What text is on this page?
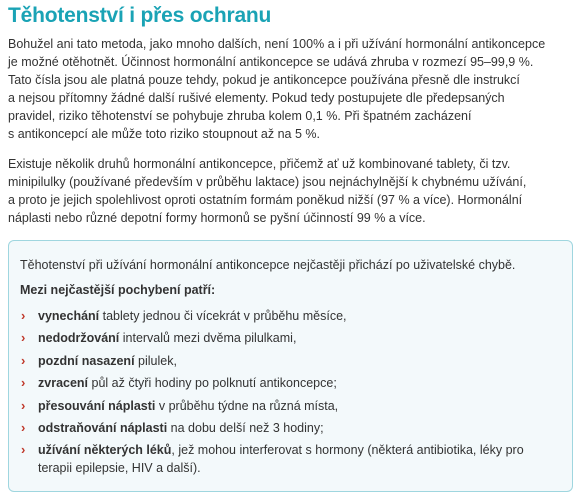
Těhotenství i přes ochranu

Bohužel ani tato metoda, jako mnoho dalších, není 100% a i při užívání hormonální antikoncepce
je možné otěhotnět. Účinnost hormonální antikoncepce se udává zhruba v rozmezí 95–99,9 %.
Tato čísla jsou ale platná pouze tehdy, pokud je antikoncepce používána přesně dle instrukcí
a nejsou přítomny žádné další rušivé elementy. Pokud tedy postupujete dle předepsaných
pravidel, riziko těhotenství se pohybuje zhruba kolem 0,1 %. Při špatném zacházení
s antikoncepcí ale může toto riziko stoupnout až na 5 %.

Existuje několik druhů hormonální antikoncepce, přičemž ať už kombinované tablety, či tzv.
minipilulky (používané především v průběhu laktace) jsou nejnáchylnější k chybnému užívání,
a proto je jejich spolehlivost oproti ostatním formám poněkud nižší (97 % a více). Hormonální
náplasti nebo různé depotní formy hormonů se pyšní účinností 99 % a více.

Těhotenství při užívání hormonální antikoncepce nejčastěji přichází po uživatelské chybě.
Mezi nejčastější pochybení patří:
› vynechání tablety jednou či vícekrát v průběhu měsíce,
› nedodržování intervalů mezi dvěma pilulkami,
› pozdní nasazení pilulek,
› zvracení půl až čtyři hodiny po polknutí antikoncepce;
› přesouvání náplasti v průběhu týdne na různá místa,
› odstraňování náplasti na dobu delší než 3 hodiny;
› užívání některých léků, jež mohou interferovat s hormony (některá antibiotika, léky pro
terapii epilepsie, HIV a další).
